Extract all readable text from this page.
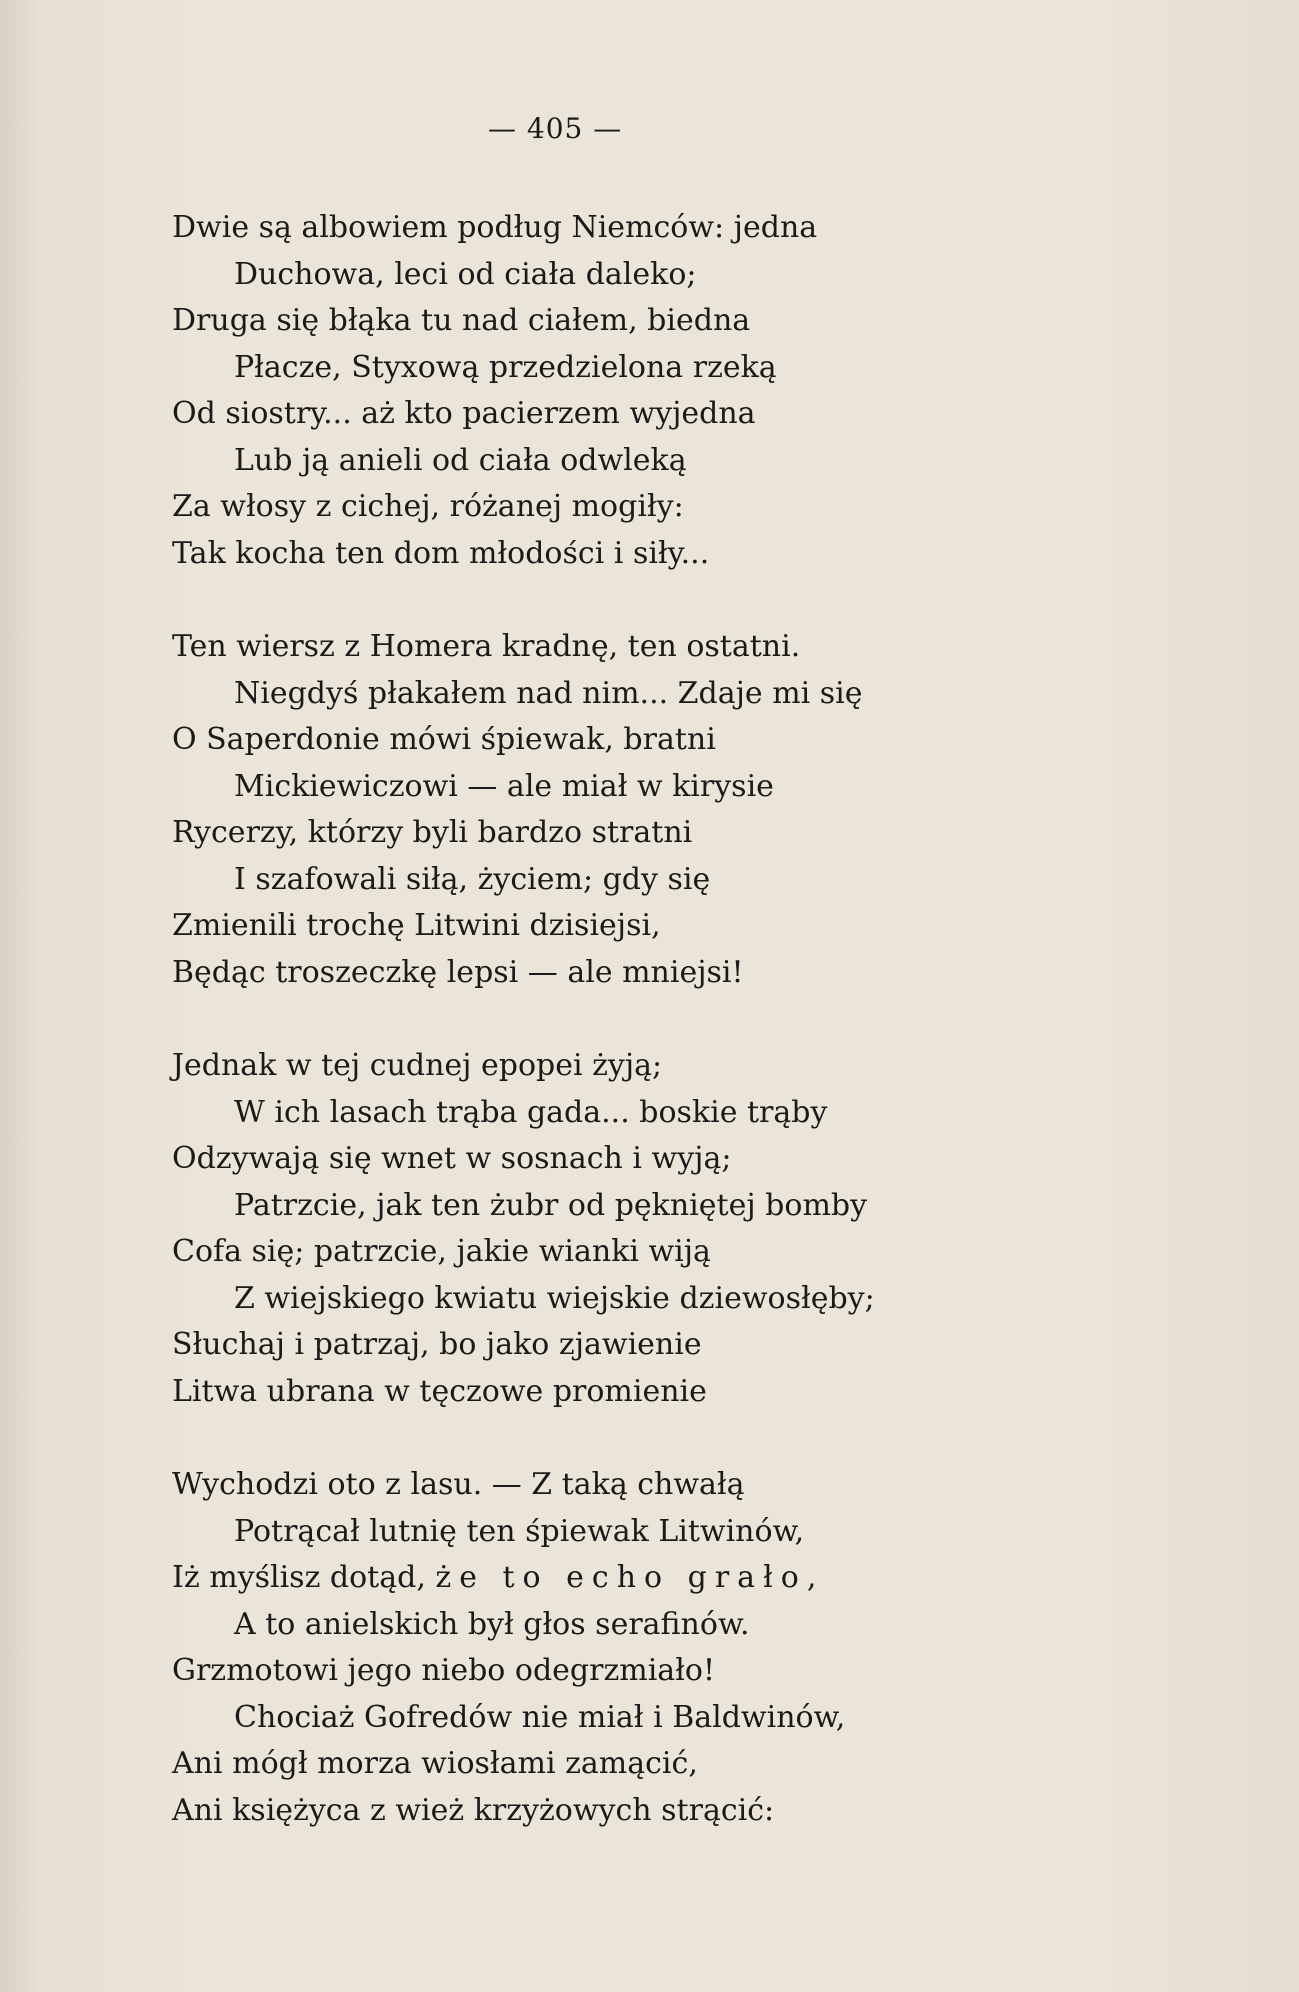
— 405 —
Dwie są albowiem podług Niemców: jedna
Duchowa, leci od ciała daleko;
Druga się błąka tu nad ciałem, biedna
Płacze, Styxową przedzielona rzeką
Od siostry... aż kto pacierzem wyjedna
Lub ją anieli od ciała odwleką
Za włosy z cichej, różanej mogiły:
Tak kocha ten dom młodości i siły...
Ten wiersz z Homera kradnę, ten ostatni.
Niegdyś płakałem nad nim... Zdaje mi się
O Saperdonie mówi śpiewak, bratni
Mickiewiczowi — ale miał w kirysie
Rycerzy, którzy byli bardzo stratni
I szafowali siłą, życiem; gdy się
Zmienili trochę Litwini dzisiejsi,
Będąc troszeczkę lepsi — ale mniejsi!
Jednak w tej cudnej epopei żyją;
W ich lasach trąba gada... boskie trąby
Odzywają się wnet w sosnach i wyją;
Patrzcie, jak ten żubr od pękniętej bomby
Cofa się; patrzcie, jakie wianki wiją
Z wiejskiego kwiatu wiejskie dziewosłęby;
Słuchaj i patrzaj, bo jako zjawienie
Litwa ubrana w tęczowe promienie
Wychodzi oto z lasu. — Z taką chwałą
Potrącał lutnię ten śpiewak Litwinów,
Iż myślisz dotąd, że to echo grało,
A to anielskich był głos serafinów.
Grzmotowi jego niebo odegrzmiało!
Chociaż Gofredów nie miał i Baldwinów,
Ani mógł morza wiosłami zamącić,
Ani księżyca z wież krzyżowych strącić:
